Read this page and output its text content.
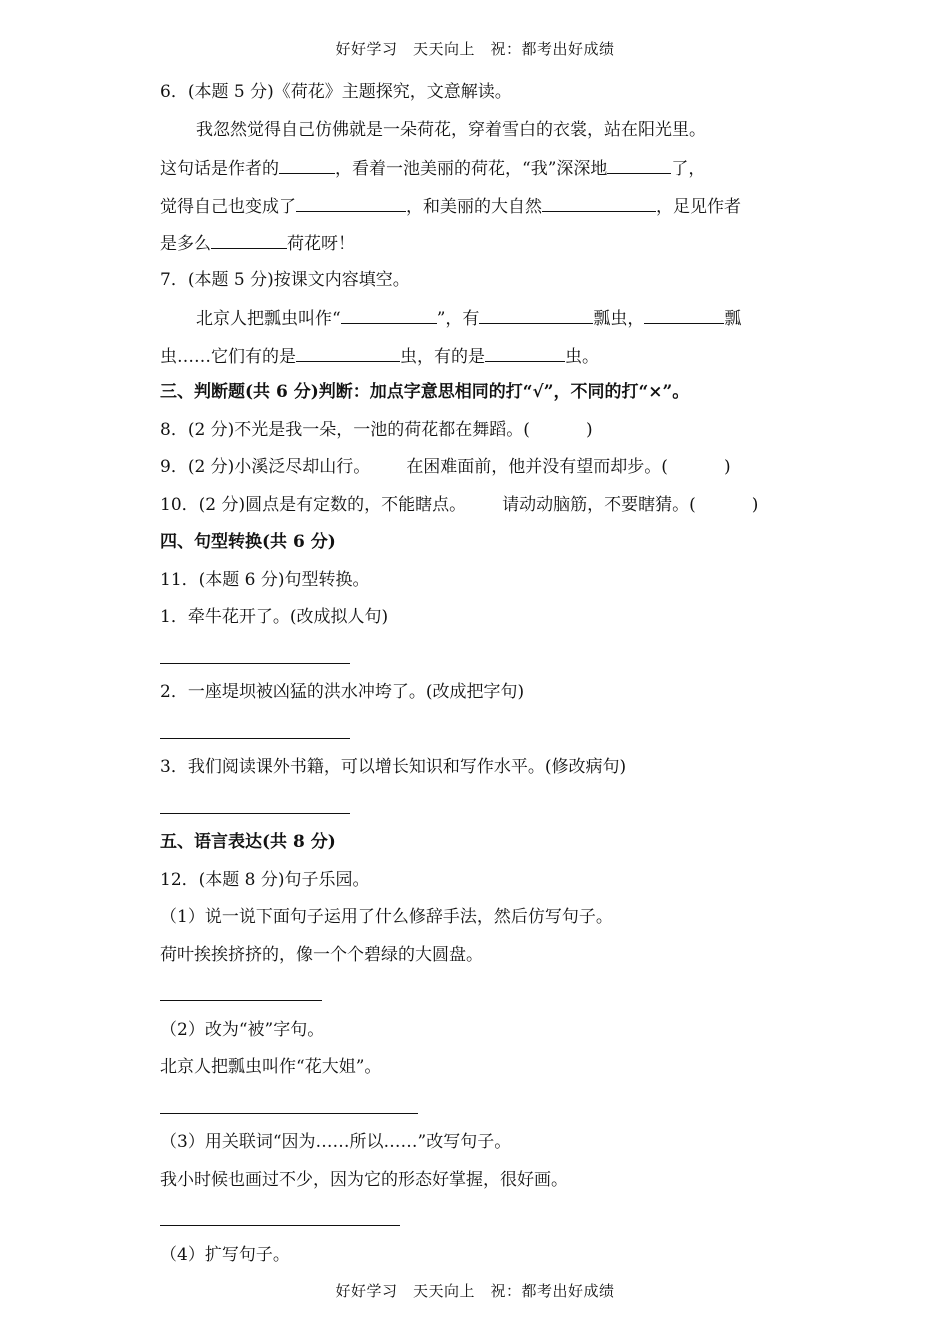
好好学习　天天向上　祝：都考出好成绩
6．(本题 5 分)《荷花》主题探究，文意解读。
我忽然觉得自己仿佛就是一朵荷花，穿着雪白的衣裳，站在阳光里。
这句话是作者的	，看着一池美丽的荷花，“我”深深地	了，
觉得自己也变成了	，和美丽的大自然	，足见作者
是多么	荷花呀！
7．(本题 5 分)按课文内容填空。
北京人把瓢虫叫作“	”，有	瓢虫，	瓢
虫……它们有的是	虫，有的是	虫。
三、判断题(共 6 分)判断：加点字意思相同的打“√”，不同的打“×”。
8．(2 分)不光是我一朵，一池的荷花都在舞蹈。(	)
9．(2 分)小溪泛尽却山行。 在困难面前，他并没有望而却步。(	)
10．(2 分)圆点是有定数的，不能瞎点。 请动动脑筋，不要瞎猜。(	)
四、句型转换(共 6 分)
11．(本题 6 分)句型转换。
1．牵牛花开了。(改成拟人句)
2．一座堤坝被凶猛的洪水冲垮了。(改成把字句)
3．我们阅读课外书籍，可以增长知识和写作水平。(修改病句)
五、语言表达(共 8 分)
12．(本题 8 分)句子乐园。
（1）说一说下面句子运用了什么修辞手法，然后仿写句子。
荷叶挨挨挤挤的，像一个个碧绿的大圆盘。
（2）改为“被”字句。
北京人把瓢虫叫作“花大姐”。
（3）用关联词“因为……所以……”改写句子。
我小时候也画过不少，因为它的形态好掌握，很好画。
（4）扩写句子。
好好学习　天天向上　祝：都考出好成绩
